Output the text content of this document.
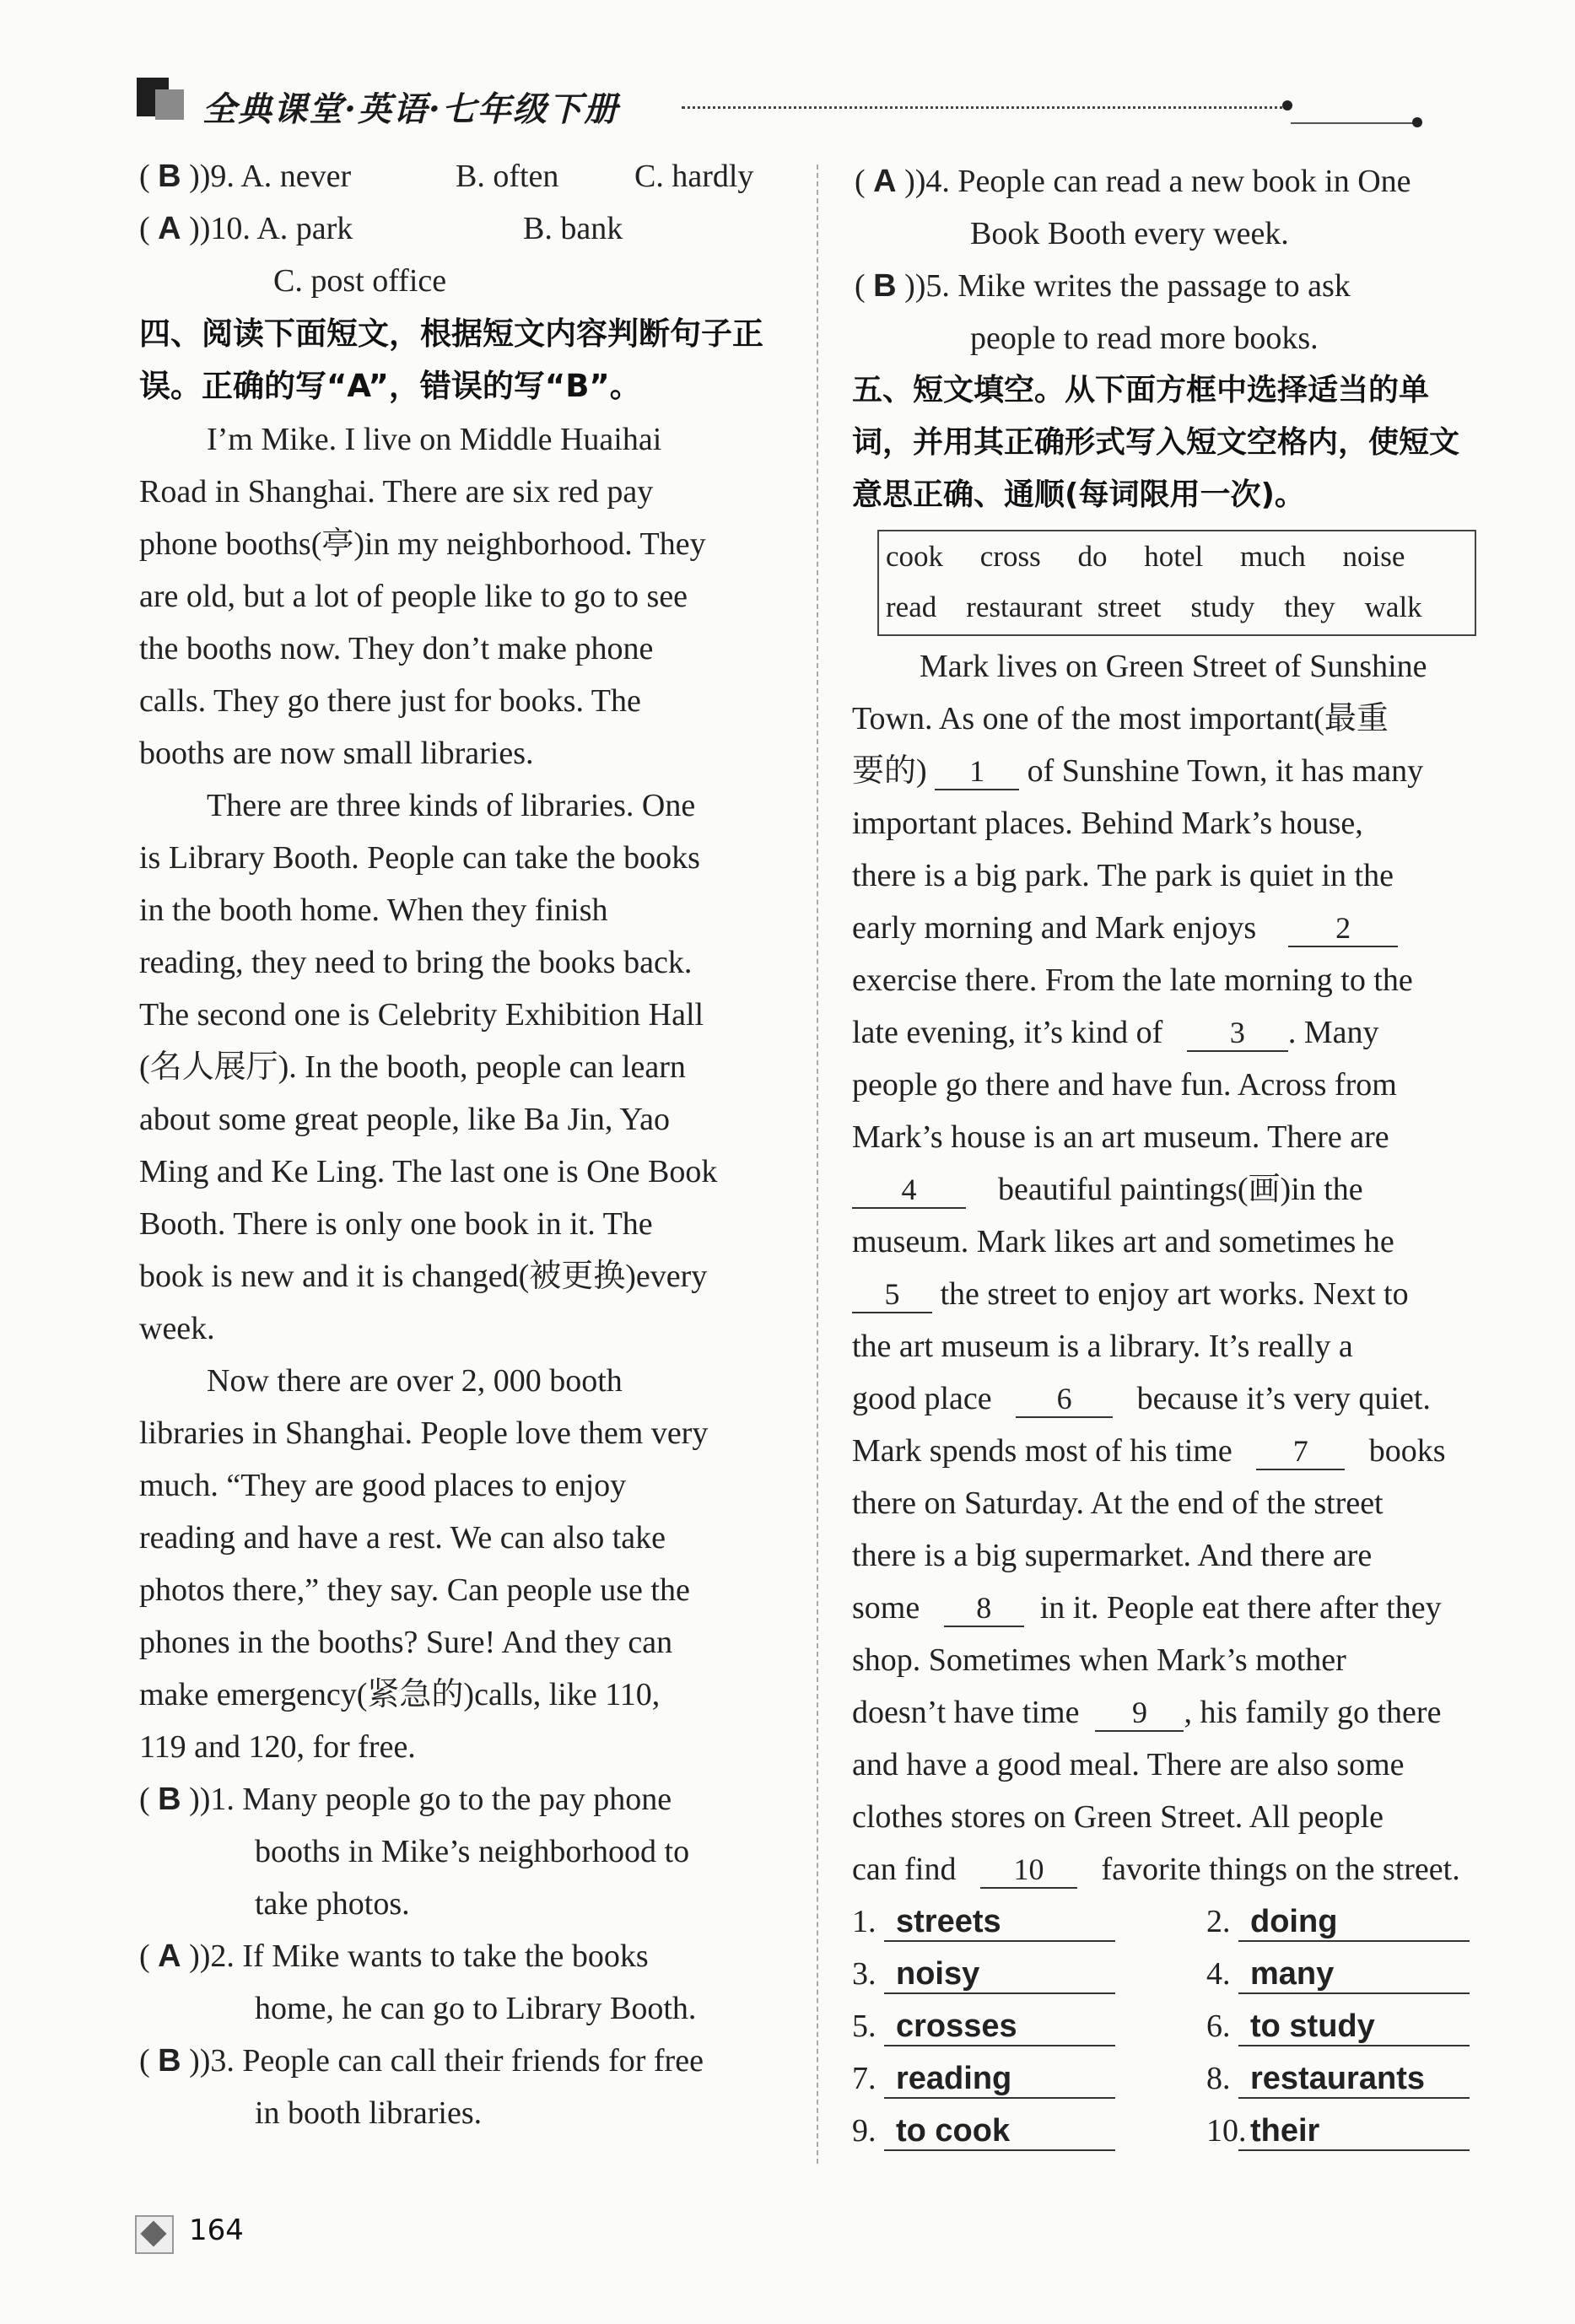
全典课堂·英语·七年级下册
( B ))9. A. never	B. often C. hardly
( A ))10. A. park	B. bank
C. post office
四、阅读下面短文，根据短文内容判断句子正
误。正确的写“A”，错误的写“B”。
I’m Mike. I live on Middle Huaihai
Road in Shanghai. There are six red pay
phone booths(亭)in my neighborhood. They
are old, but a lot of people like to go to see
the booths now. They don’t make phone
calls. They go there just for books. The
booths are now small libraries.
There are three kinds of libraries. One
is Library Booth. People can take the books
in the booth home. When they finish
reading, they need to bring the books back.
The second one is Celebrity Exhibition Hall
(名人展厅). In the booth, people can learn
about some great people, like Ba Jin, Yao
Ming and Ke Ling. The last one is One Book
Booth. There is only one book in it. The
book is new and it is changed(被更换)every
week.
Now there are over 2, 000 booth
libraries in Shanghai. People love them very
much. “They are good places to enjoy
reading and have a rest. We can also take
photos there,” they say. Can people use the
phones in the booths? Sure! And they can
make emergency(紧急的)calls, like 110,
119 and 120, for free.
( B ))1. Many people go to the pay phone
booths in Mike’s neighborhood to
take photos.
( A ))2. If Mike wants to take the books
home, he can go to Library Booth.
( B ))3. People can call their friends for free
in booth libraries.
( A ))4. People can read a new book in One
Book Booth every week.
( B ))5. Mike writes the passage to ask
people to read more books.
五、短文填空。从下面方框中选择适当的单
词，并用其正确形式写入短文空格内，使短文
意思正确、通顺(每词限用一次)。
cook cross do hotel much noise
read restaurant street study they walk
Mark lives on Green Street of Sunshine
Town. As one of the most important(最重
要的) 1 of Sunshine Town, it has many
important places. Behind Mark’s house,
there is a big park. The park is quiet in the
early morning and Mark enjoys	2
exercise there. From the late morning to the
late evening, it’s kind of 3 . Many
people go there and have fun. Across from
Mark’s house is an art museum. There are
4	beautiful paintings(画)in the
museum. Mark likes art and sometimes he
5 the street to enjoy art works. Next to
the art museum is a library. It’s really a
good place 6 because it’s very quiet.
Mark spends most of his time 7 books
there on Saturday. At the end of the street
there is a big supermarket. And there are
some 8 in it. People eat there after they
shop. Sometimes when Mark’s mother
doesn’t have time 9 , his family go there
and have a good meal. There are also some
clothes stores on Green Street. All people
can find 10 favorite things on the street.
1. streets	2. doing
3. noisy	4. many
5. crosses	6. to study
7. reading	8. restaurants
9. to cook	10. their
164
